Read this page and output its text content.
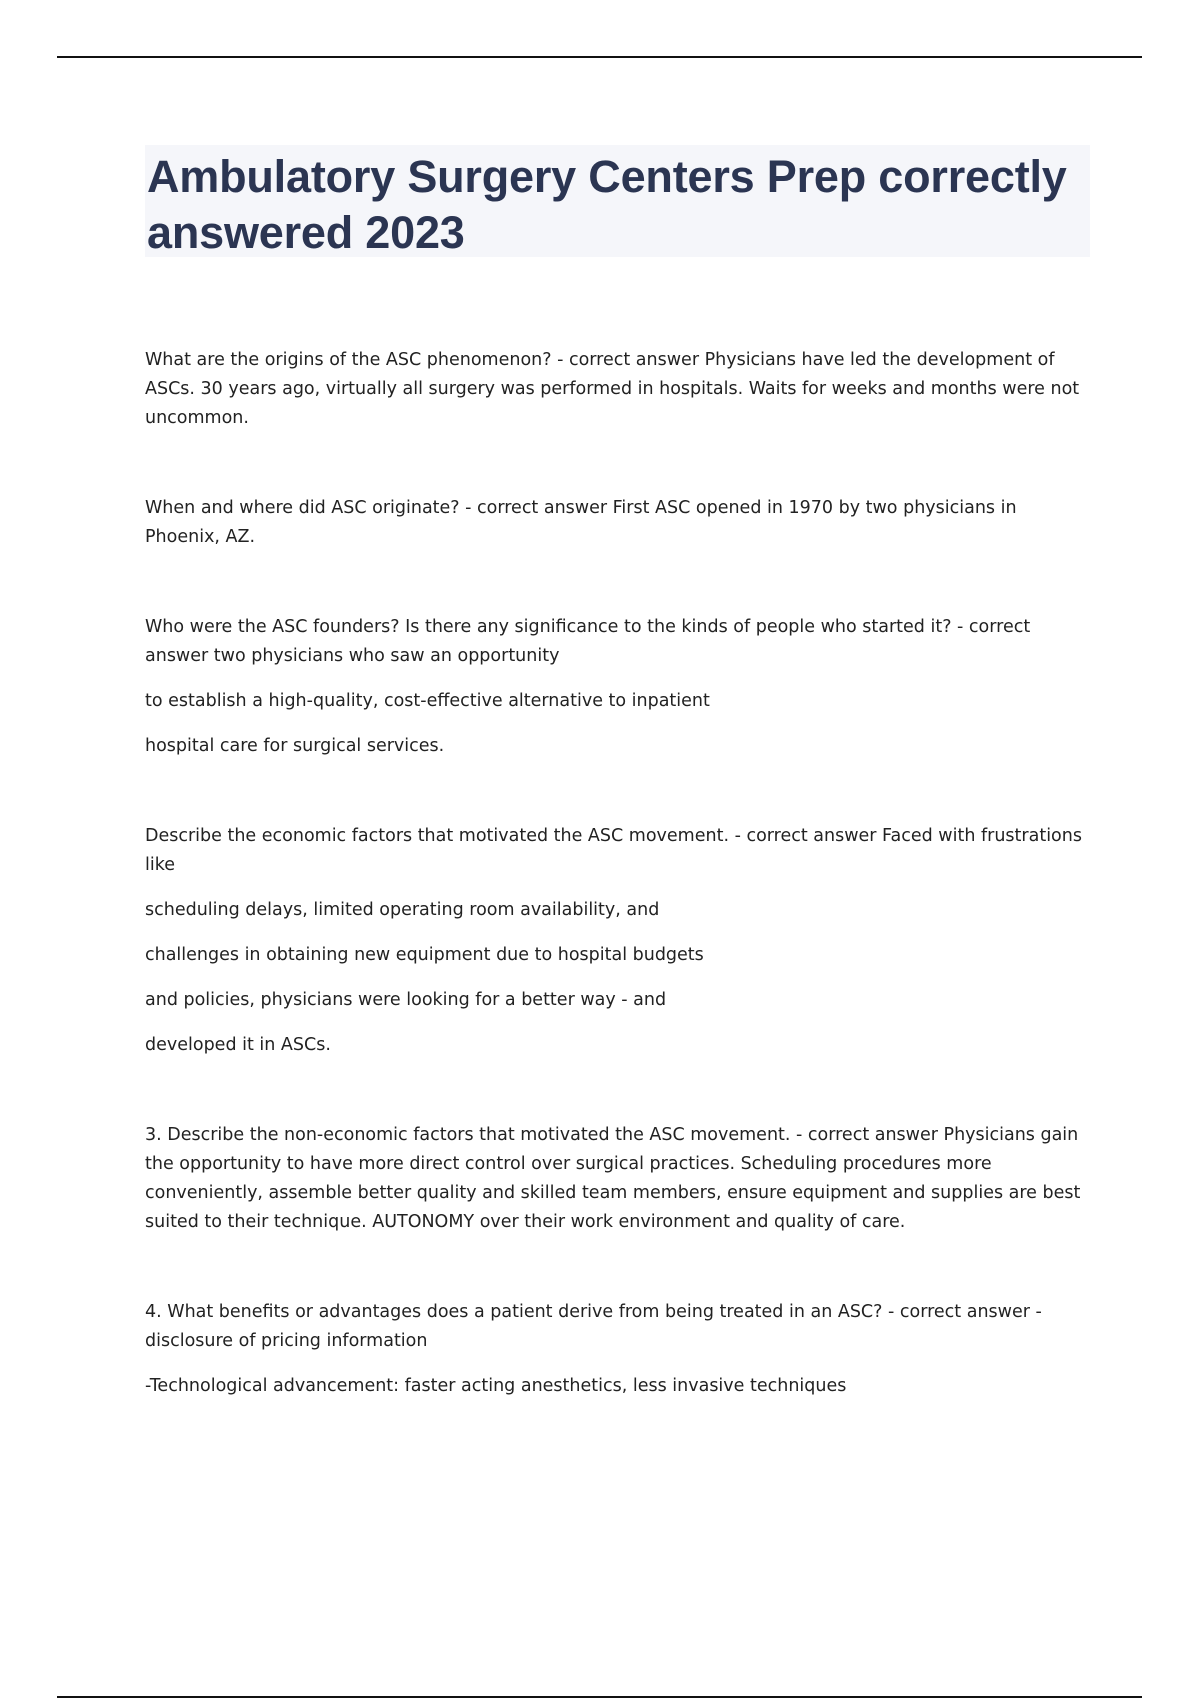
Ambulatory Surgery Centers Prep correctly answered 2023

What are the origins of the ASC phenomenon? - correct answer Physicians have led the development of ASCs. 30 years ago, virtually all surgery was performed in hospitals. Waits for weeks and months were not uncommon.

When and where did ASC originate? - correct answer First ASC opened in 1970 by two physicians in Phoenix, AZ.

Who were the ASC founders? Is there any significance to the kinds of people who started it? - correct answer two physicians who saw an opportunity

to establish a high-quality, cost-effective alternative to inpatient

hospital care for surgical services.

Describe the economic factors that motivated the ASC movement. - correct answer Faced with frustrations like

scheduling delays, limited operating room availability, and

challenges in obtaining new equipment due to hospital budgets

and policies, physicians were looking for a better way - and

developed it in ASCs.

3. Describe the non-economic factors that motivated the ASC movement. - correct answer Physicians gain the opportunity to have more direct control over surgical practices. Scheduling procedures more conveniently, assemble better quality and skilled team members, ensure equipment and supplies are best suited to their technique. AUTONOMY over their work environment and quality of care.

4. What benefits or advantages does a patient derive from being treated in an ASC? - correct answer -disclosure of pricing information

-Technological advancement: faster acting anesthetics, less invasive techniques
